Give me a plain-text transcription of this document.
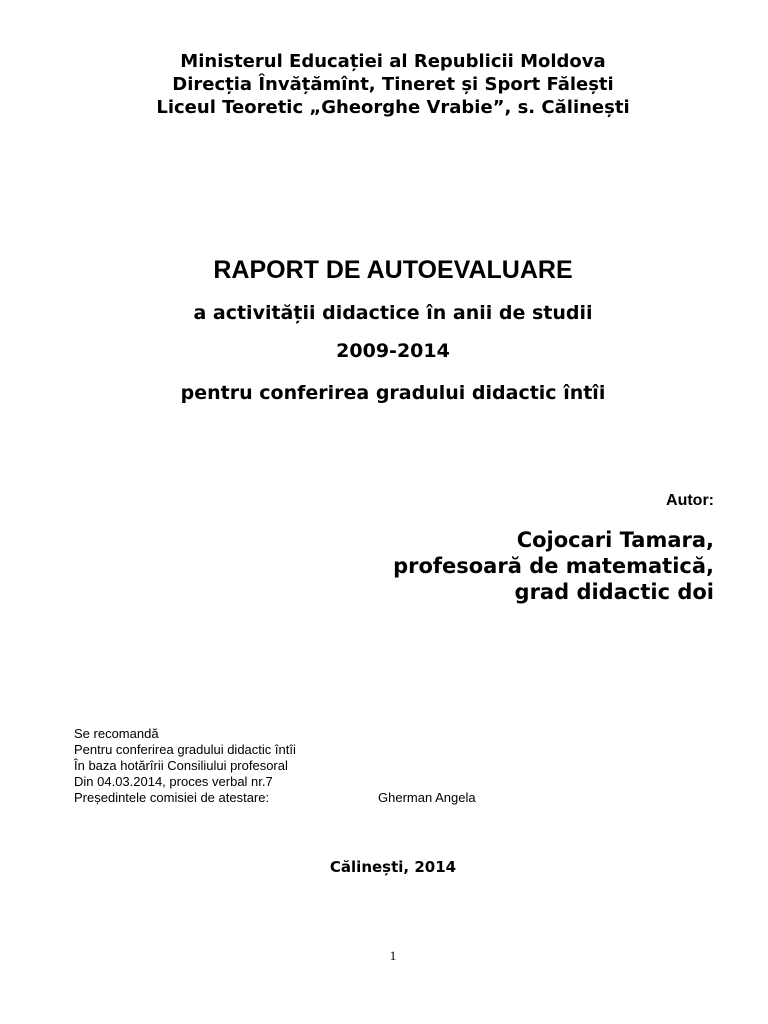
Ministerul Educației al Republicii Moldova
Direcția Învățămînt, Tineret și Sport Fălești
Liceul Teoretic „Gheorghe Vrabie”, s. Călinești
RAPORT DE AUTOEVALUARE
a activității didactice în anii de studii
2009-2014
pentru conferirea gradului didactic întîi
Autor:
Cojocari Tamara,
profesoară de matematică,
grad didactic doi
Se recomandă
Pentru conferirea gradului didactic întîi
În baza hotărîrii Consiliului profesoral
Din 04.03.2014, proces verbal nr.7
Președintele comisiei de atestare:	Gherman Angela
Călinești, 2014
1
